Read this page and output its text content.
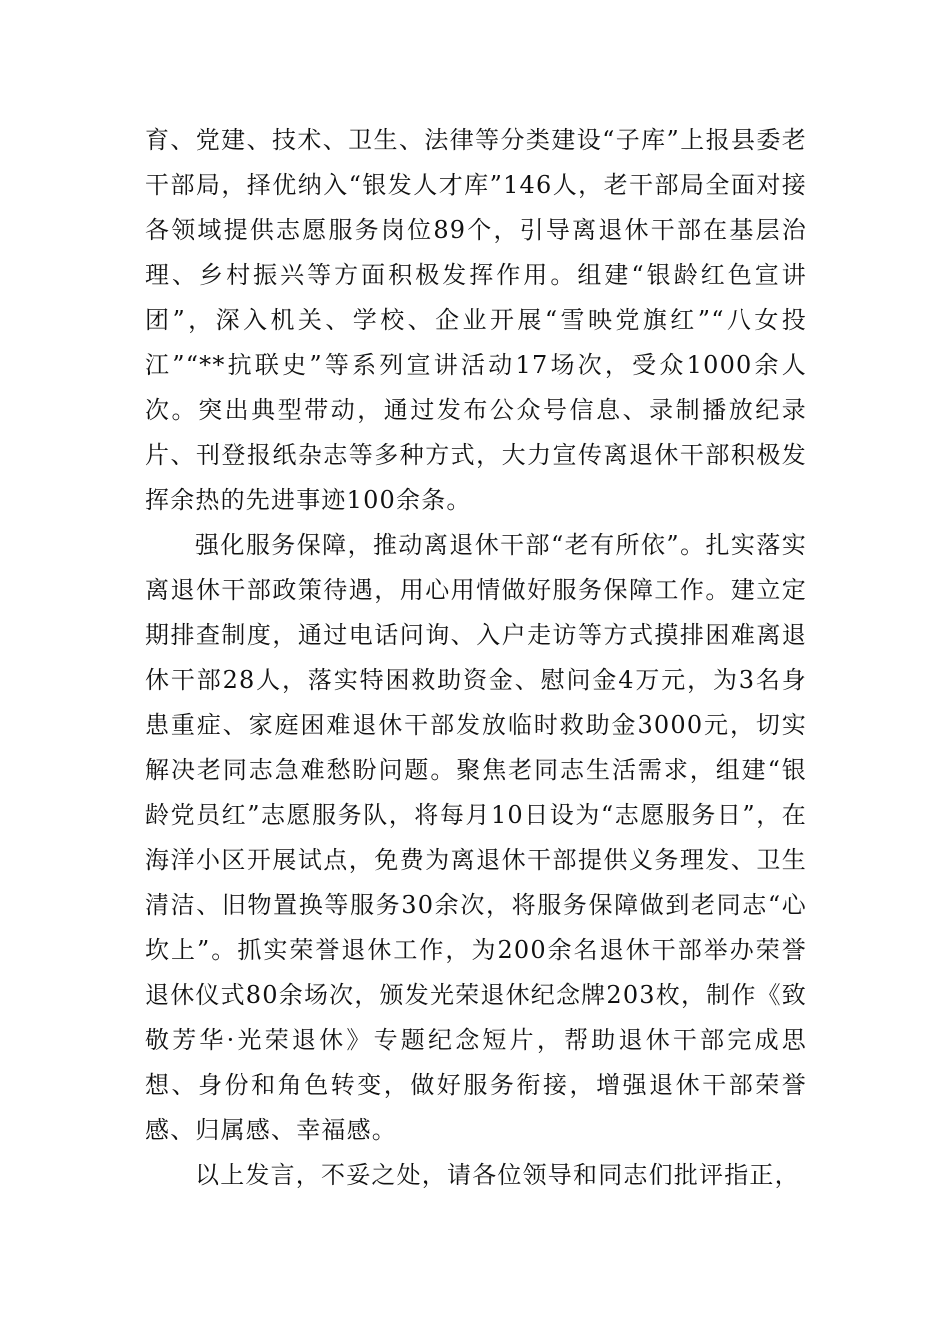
育、党建、技术、卫生、法律等分类建设“子库”上报县委老干部局，择优纳入“银发人才库”146人，老干部局全面对接各领域提供志愿服务岗位89个，引导离退休干部在基层治理、乡村振兴等方面积极发挥作用。组建“银龄红色宣讲团”，深入机关、学校、企业开展“雪映党旗红”“八女投江”“**抗联史”等系列宣讲活动17场次，受众1000余人次。突出典型带动，通过发布公众号信息、录制播放纪录片、刊登报纸杂志等多种方式，大力宣传离退休干部积极发挥余热的先进事迹100余条。

强化服务保障，推动离退休干部“老有所依”。扎实落实离退休干部政策待遇，用心用情做好服务保障工作。建立定期排查制度，通过电话问询、入户走访等方式摸排困难离退休干部28人，落实特困救助资金、慰问金4万元，为3名身患重症、家庭困难退休干部发放临时救助金3000元，切实解决老同志急难愁盼问题。聚焦老同志生活需求，组建“银龄党员红”志愿服务队，将每月10日设为“志愿服务日”，在海洋小区开展试点，免费为离退休干部提供义务理发、卫生清洁、旧物置换等服务30余次，将服务保障做到老同志“心坎上”。抓实荣誉退休工作，为200余名退休干部举办荣誉退休仪式80余场次，颁发光荣退休纪念牌203枚，制作《致敬芳华·光荣退休》专题纪念短片，帮助退休干部完成思想、身份和角色转变，做好服务衔接，增强退休干部荣誉感、归属感、幸福感。

以上发言，不妥之处，请各位领导和同志们批评指正，
